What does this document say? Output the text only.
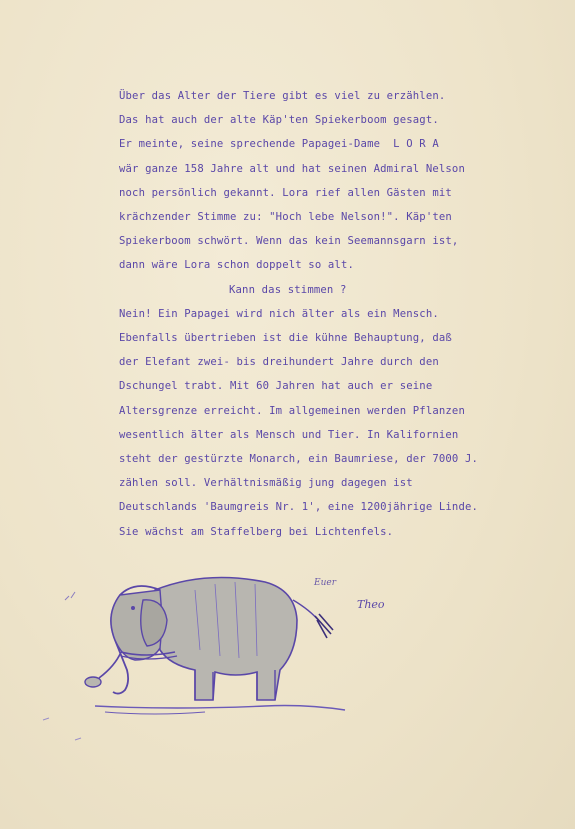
Über das Alter der Tiere gibt es viel zu erzählen.
Das hat auch der alte Käp'ten Spiekerboom gesagt.
Er meinte, seine sprechende Papagei-Dame  L O R A
wär ganze 158 Jahre alt und hat seinen Admiral Nelson
noch persönlich gekannt. Lora rief allen Gästen mit
krächzender Stimme zu: "Hoch lebe Nelson!". Käp'ten
Spiekerboom schwört. Wenn das kein Seemannsgarn ist,
dann wäre Lora schon doppelt so alt.
Kann das stimmen ?
Nein! Ein Papagei wird nich älter als ein Mensch.
Ebenfalls übertrieben ist die kühne Behauptung, daß
der Elefant zwei- bis dreihundert Jahre durch den
Dschungel trabt. Mit 60 Jahren hat auch er seine
Altersgrenze erreicht. Im allgemeinen werden Pflanzen
wesentlich älter als Mensch und Tier. In Kalifornien
steht der gestürzte Monarch, ein Baumriese, der 7000 J.
zählen soll. Verhältnismäßig jung dagegen ist
Deutschlands 'Baumgreis Nr. 1', eine 1200jährige Linde.
Sie wächst am Staffelberg bei Lichtenfels.
Euer
Theo
